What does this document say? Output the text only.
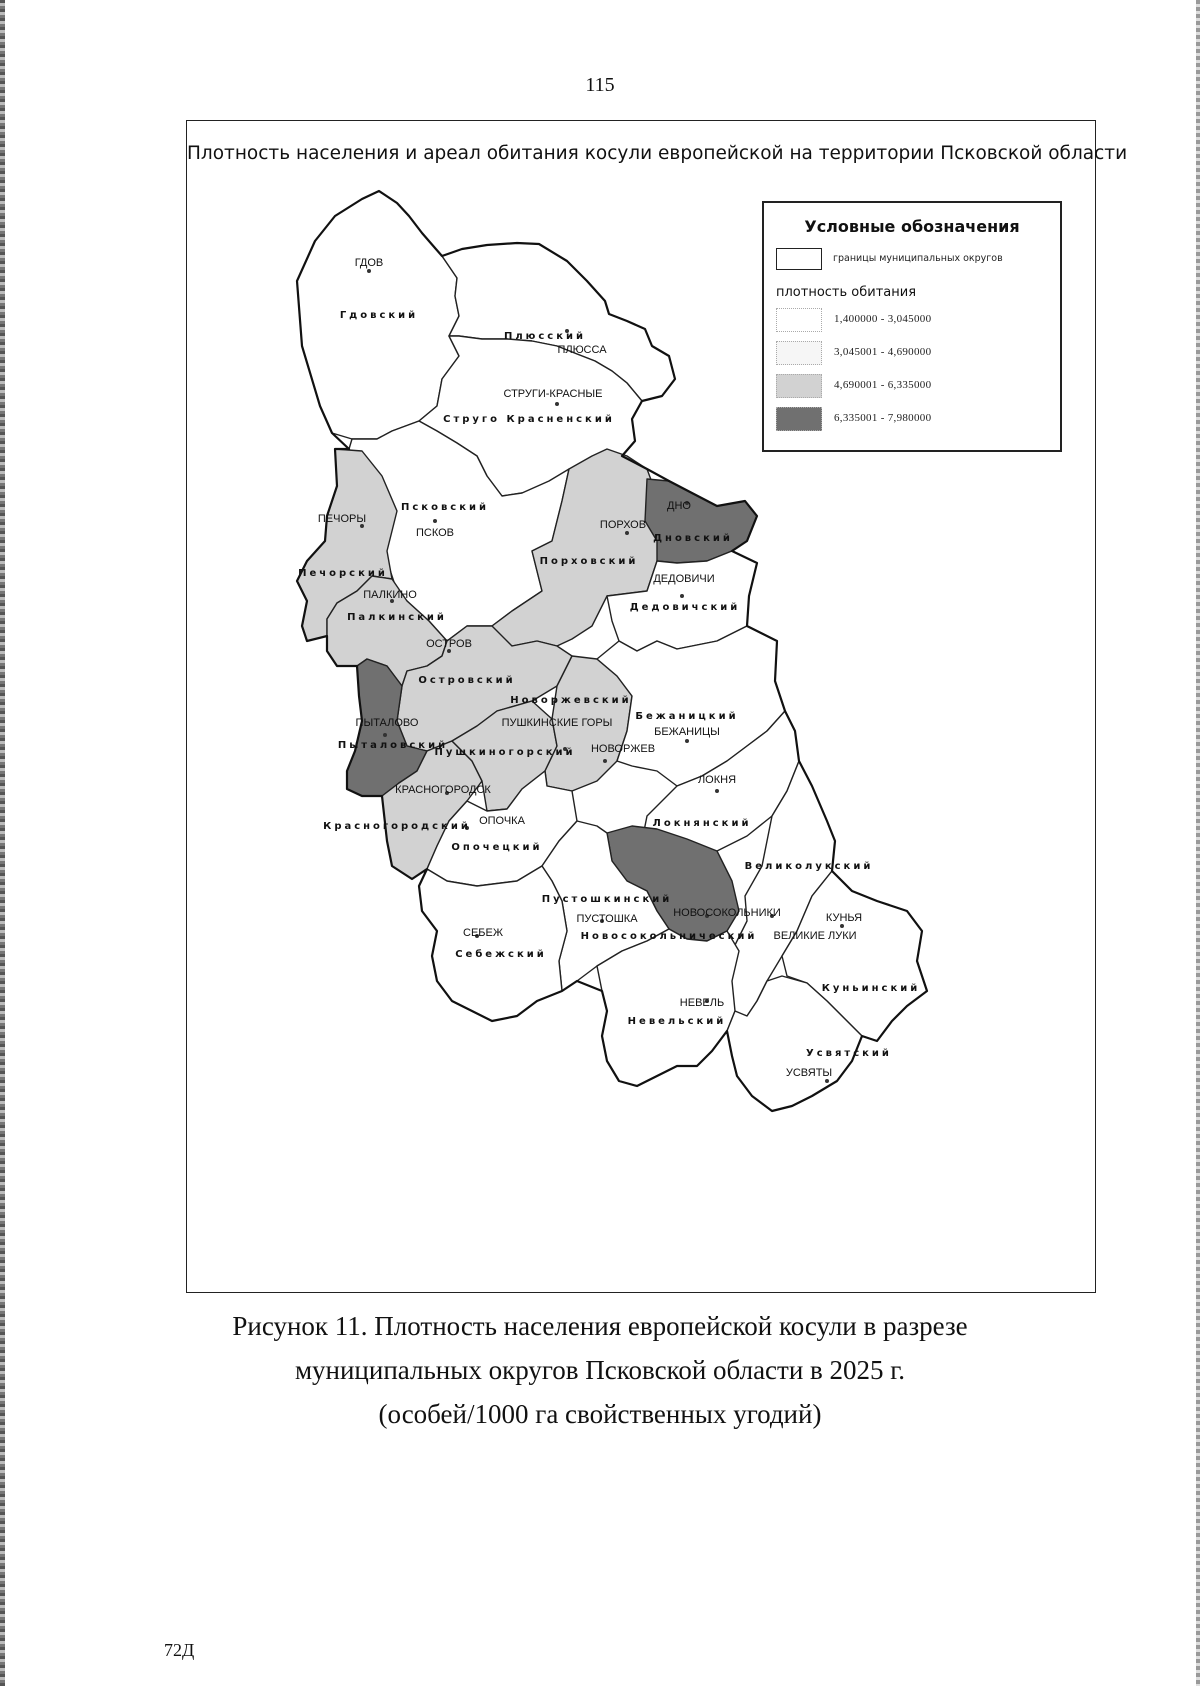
115
Плотность населения и ареал обитания косули европейской на территории Псковской области
Гдовский
Плюсский
Струго Красненский
Псковский
Печорский
Палкинский
Порховский
Дновский
Дедовичский
Островский
Пыталовский
Красногородский
Пушкиногорский
Новоржевский
Бежаницкий
Опочецкий
Локнянский
Великолукский
Новосокольнический
Пустошкинский
Себежский
Невельский
Куньинский
Усвятский
ГДОВ
ПЛЮССА
СТРУГИ-КРАСНЫЕ
ПСКОВ
ПЕЧОРЫ
ПАЛКИНО
ПОРХОВ
ДНО
ДЕДОВИЧИ
ОСТРОВ
ПЫТАЛОВО
КРАСНОГОРОДСК
ПУШКИНСКИЕ ГОРЫ
НОВОРЖЕВ
БЕЖАНИЦЫ
ОПОЧКА
ЛОКНЯ
ВЕЛИКИЕ ЛУКИ
НОВОСОКОЛЬНИКИ
ПУСТОШКА
СЕБЕЖ
НЕВЕЛЬ
КУНЬЯ
УСВЯТЫ
Условные обозначения
границы муниципальных округов
плотность обитания
1,400000 - 3,045000
3,045001 - 4,690000
4,690001 - 6,335000
6,335001 - 7,980000
Рисунок 11. Плотность населения европейской косули в разрезе
муниципальных округов Псковской области в 2025 г.
(особей/1000 га свойственных угодий)
72Д
